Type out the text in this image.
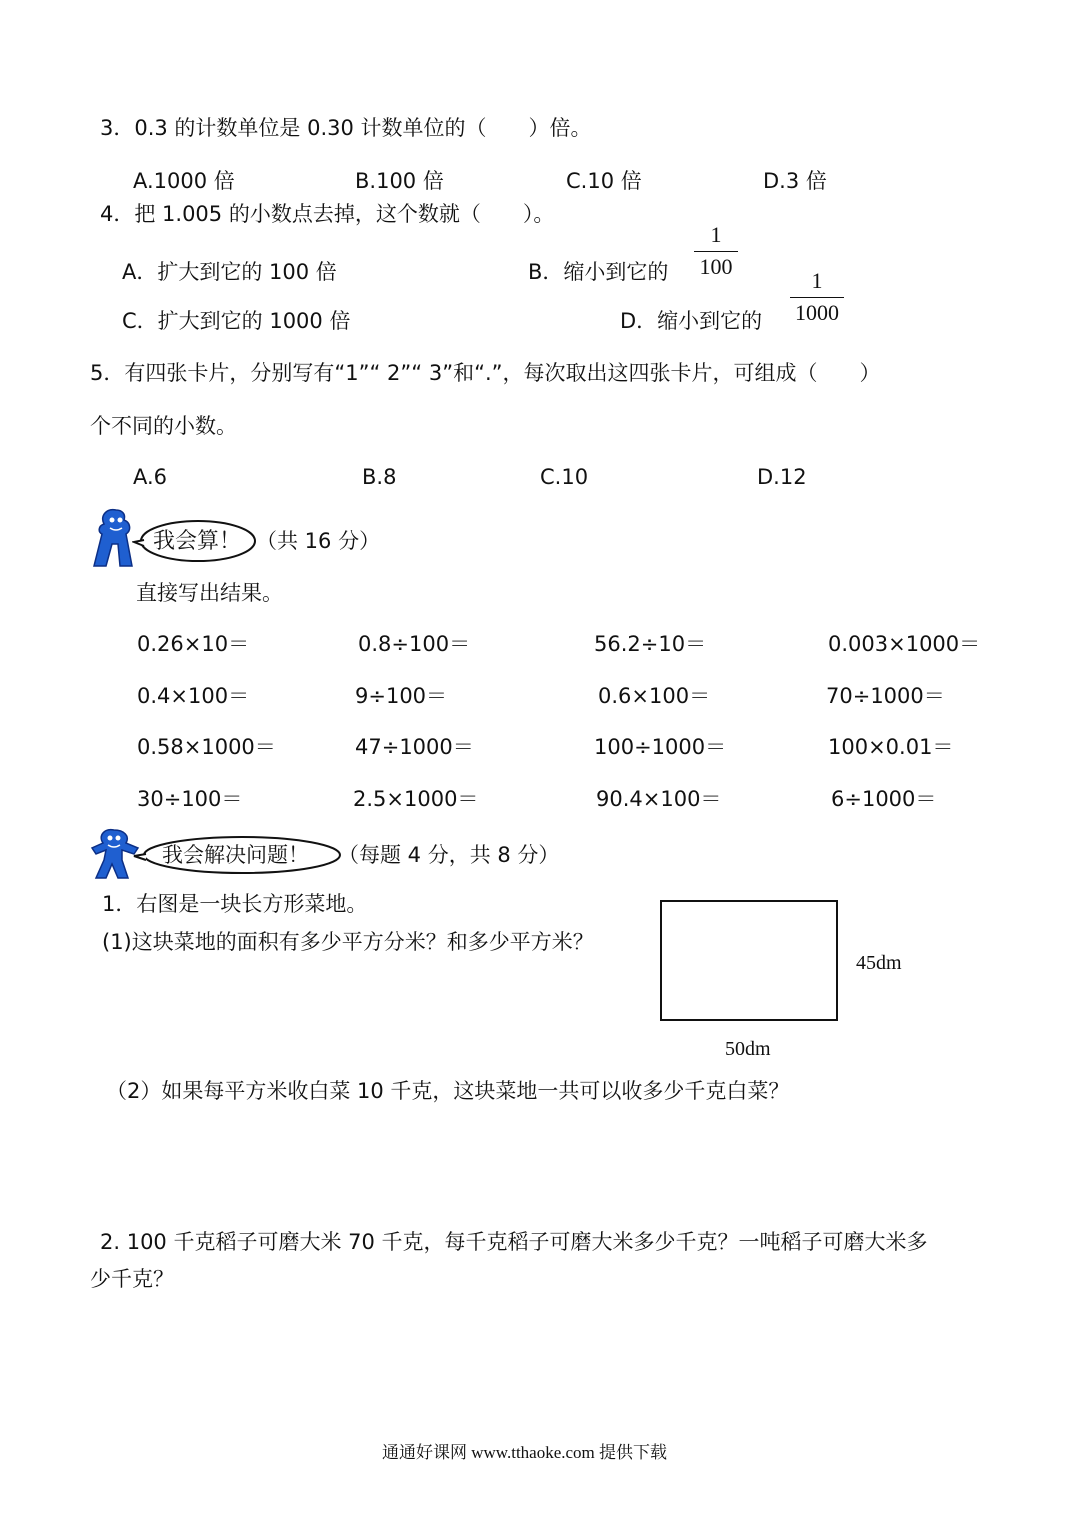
3．0.3 的计数单位是 0.30 计数单位的（　　）倍。
A.1000 倍	B.100 倍	C.10 倍	D.3 倍
4．把 1.005 的小数点去掉，这个数就（　　）。
A．扩大到它的 100 倍	B．缩小到它的
1
100
C．扩大到它的 1000 倍	D．缩小到它的
1
1000
5．有四张卡片，分别写有“1”“ 2”“ 3”和“.”，每次取出这四张卡片，可组成（　　）
个不同的小数。
A.6	B.8	C.10	D.12
我会算！ （共 16 分）
直接写出结果。
0.26×10＝	0.8÷100＝	56.2÷10＝	0.003×1000＝
0.4×100＝	9÷100＝	0.6×100＝	70÷1000＝
0.58×1000＝	47÷1000＝	100÷1000＝	100×0.01＝
30÷100＝	2.5×1000＝	90.4×100＝	6÷1000＝
我会解决问题！ （每题 4 分，共 8 分）
1．右图是一块长方形菜地。
(1)这块菜地的面积有多少平方分米？和多少平方米？
45dm
50dm
（2）如果每平方米收白菜 10 千克，这块菜地一共可以收多少千克白菜？
2. 100 千克稻子可磨大米 70 千克，每千克稻子可磨大米多少千克？一吨稻子可磨大米多
少千克？
通通好课网 www.tthaoke.com 提供下载
